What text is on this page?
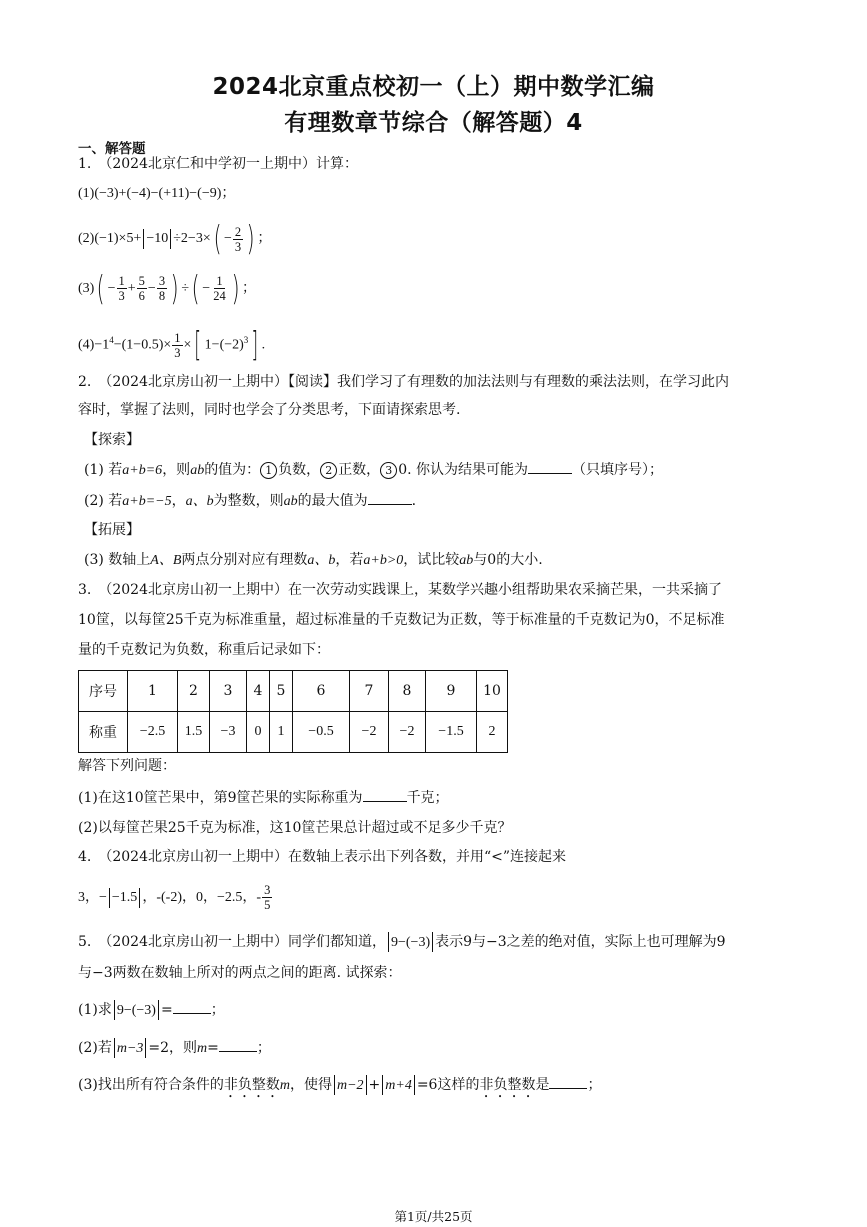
2024北京重点校初一（上）期中数学汇编
有理数章节综合（解答题）4
一、解答题
1.　（2024北京仁和中学初一上期中）计算：
(1)(−3)+(−4)−(+11)−(−9)；
$(2)(-1)\times 5+ -10 \div 2-3\times( - \frac{2}{3}$ ) ；
$(3)( - \frac{1}{3} + \frac{5}{6} - \frac{3}{8}$ ) ÷( − $\frac{1}{24}$ ) ；
$(4)-1^4-(1-0.5)\times \frac{1}{3}$ ×[ $1-(-2)^3$] .
2.　（2024北京房山初一上期中）【阅读】我们学习了有理数的加法法则与有理数的乘法法则，在学习此内
容时，掌握了法则，同时也学会了分类思考，下面请探索思考.
【探索】
(1) 若a+b=6，则ab的值为： 1 负数， 2 正数， 3 0. 你认为结果可能为	（只填序号）；
(2) 若a+b=−5，a、b为整数，则ab的最大值为	.
【拓展】
(3) 数轴上A、B两点分别对应有理数a、b，若a+b>0，试比较ab与0的大小.
3.　（2024北京房山初一上期中）在一次劳动实践课上，某数学兴趣小组帮助果农采摘芒果，一共采摘了
10筐，以每筐25千克为标准重量，超过标准量的千克数记为正数，等于标准量的千克数记为0，不足标准
量的千克数记为负数，称重后记录如下：
序号	1	2	3	4	5	6	7	8	9	10
称重	−2.5	1.5	−3	0	1	−0.5	−2	−2	−1.5	2
解答下列问题：
(1)在这10筐芒果中，第9筐芒果的实际称重为	千克；
(2)以每筐芒果25千克为标准，这10筐芒果总计超过或不足多少千克？
4.　（2024北京房山初一上期中）在数轴上表示出下列各数，并用“<”连接起来
3，− −1.5 ，-(-2)，0，−2.5，- $\frac{3}{5}$
5.　（2024北京房山初一上期中）同学们都知道， 9−(−3) 表示9与−3之差的绝对值，实际上也可理解为9
与−3两数在数轴上所对的两点之间的距离. 试探索：
(1)求 9−(−3) =	；
(2)若 m−3 =2，则m=	；
(3)找出所有符合条件的非负整数m，使得 m−2 + m+4 =6这样的非负整数是	；
第1页/共25页
